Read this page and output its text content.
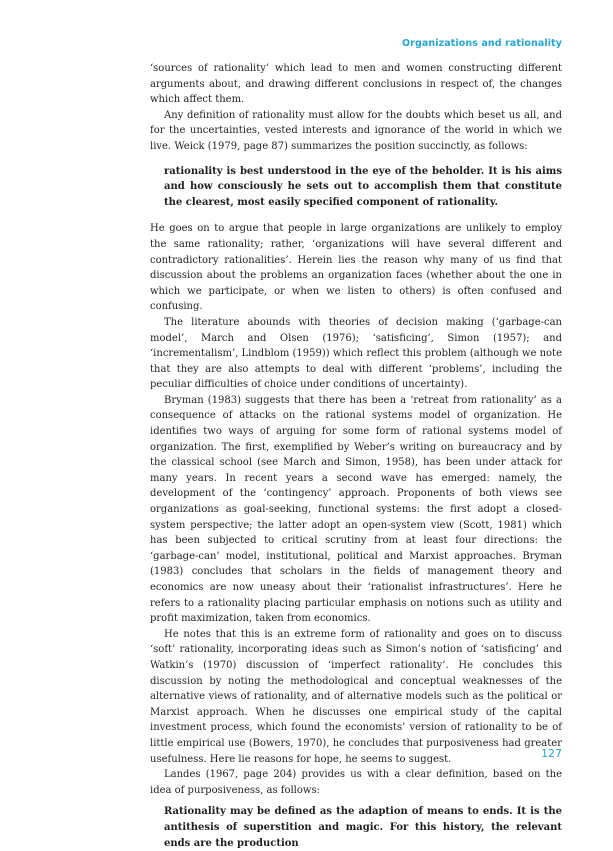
Organizations and rationality

‘sources of rationality’ which lead to men and women constructing different arguments about, and drawing different conclusions in respect of, the changes which affect them.

Any definition of rationality must allow for the doubts which beset us all, and for the uncertainties, vested interests and ignorance of the world in which we live. Weick (1979, page 87) summarizes the position succinctly, as follows:

rationality is best understood in the eye of the beholder. It is his aims and how consciously he sets out to accomplish them that constitute the clearest, most easily specified component of rationality.

He goes on to argue that people in large organizations are unlikely to employ the same rationality; rather, ‘organizations will have several different and contradictory rationalities’. Herein lies the reason why many of us find that discussion about the problems an organization faces (whether about the one in which we participate, or when we listen to others) is often confused and confusing.

The literature abounds with theories of decision making (‘garbage-can model’, March and Olsen (1976); ‘satisficing’, Simon (1957); and ‘incrementalism’, Lindblom (1959)) which reflect this problem (although we note that they are also attempts to deal with different ‘problems’, including the peculiar difficulties of choice under conditions of uncertainty).

Bryman (1983) suggests that there has been a ‘retreat from rationality’ as a consequence of attacks on the rational systems model of organization. He identifies two ways of arguing for some form of rational systems model of organization. The first, exemplified by Weber’s writing on bureaucracy and by the classical school (see March and Simon, 1958), has been under attack for many years. In recent years a second wave has emerged: namely, the development of the ‘contingency’ approach. Proponents of both views see organizations as goal-seeking, functional systems: the first adopt a closed-system perspective; the latter adopt an open-system view (Scott, 1981) which has been subjected to critical scrutiny from at least four directions: the ‘garbage-can’ model, institutional, political and Marxist approaches. Bryman (1983) concludes that scholars in the fields of management theory and economics are now uneasy about their ‘rationalist infrastructures’. Here he refers to a rationality placing particular emphasis on notions such as utility and profit maximization, taken from economics.

He notes that this is an extreme form of rationality and goes on to discuss ‘soft’ rationality, incorporating ideas such as Simon’s notion of ‘satisficing’ and Watkin’s (1970) discussion of ‘imperfect rationality’. He concludes this discussion by noting the methodological and conceptual weaknesses of the alternative views of rationality, and of alternative models such as the political or Marxist approach. When he discusses one empirical study of the capital investment process, which found the economists’ version of rationality to be of little empirical use (Bowers, 1970), he concludes that purposiveness had greater usefulness. Here lie reasons for hope, he seems to suggest.

Landes (1967, page 204) provides us with a clear definition, based on the idea of purposiveness, as follows:

Rationality may be defined as the adaption of means to ends. It is the antithesis of superstition and magic. For this history, the relevant ends are the production
127
